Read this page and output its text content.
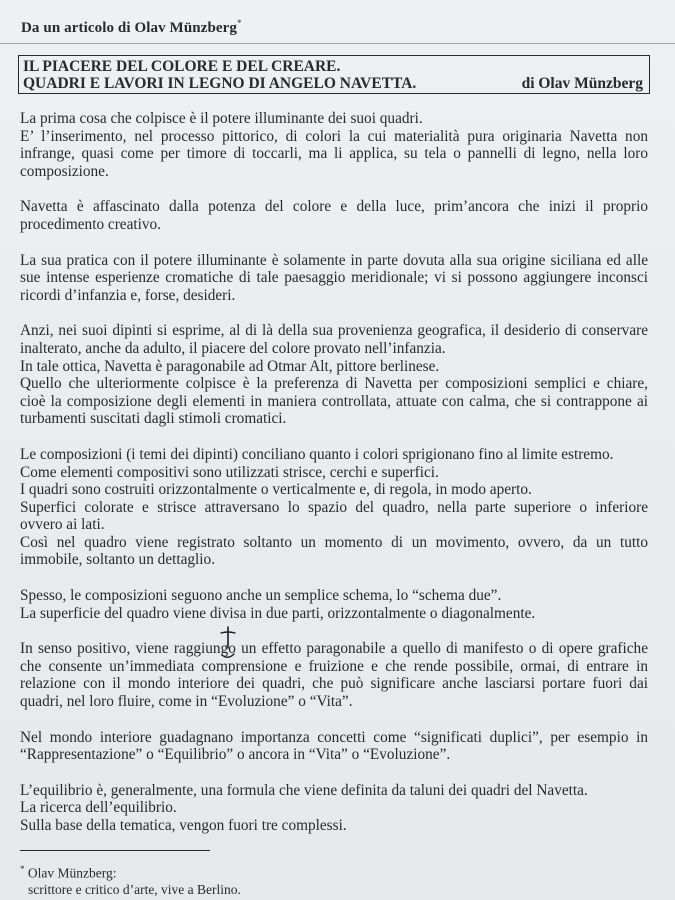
Da un articolo di Olav Münzberg*
IL PIACERE DEL COLORE E DEL CREARE.
QUADRI E LAVORI IN LEGNO DI ANGELO NAVETTA.	di Olav Münzberg
La prima cosa che colpisce è il potere illuminante dei suoi quadri.
E’ l’inserimento, nel processo pittorico, di colori la cui materialità pura originaria Navetta non
infrange, quasi come per timore di toccarli, ma li applica, su tela o pannelli di legno, nella loro
composizione.
Navetta è affascinato dalla potenza del colore e della luce, prim’ancora che inizi il proprio
procedimento creativo.
La sua pratica con il potere illuminante è solamente in parte dovuta alla sua origine siciliana ed alle
sue intense esperienze cromatiche di tale paesaggio meridionale; vi si possono aggiungere inconsci
ricordi d’infanzia e, forse, desideri.
Anzi, nei suoi dipinti si esprime, al di là della sua provenienza geografica, il desiderio di conservare
inalterato, anche da adulto, il piacere del colore provato nell’infanzia.
In tale ottica, Navetta è paragonabile ad Otmar Alt, pittore berlinese.
Quello che ulteriormente colpisce è la preferenza di Navetta per composizioni semplici e chiare,
cioè la composizione degli elementi in maniera controllata, attuate con calma, che si contrappone ai
turbamenti suscitati dagli stimoli cromatici.
Le composizioni (i temi dei dipinti) conciliano quanto i colori sprigionano fino al limite estremo.
Come elementi compositivi sono utilizzati strisce, cerchi e superfici.
I quadri sono costruiti orizzontalmente o verticalmente e, di regola, in modo aperto.
Superfici colorate e strisce attraversano lo spazio del quadro, nella parte superiore o inferiore
ovvero ai lati.
Così nel quadro viene registrato soltanto un momento di un movimento, ovvero, da un tutto
immobile, soltanto un dettaglio.
Spesso, le composizioni seguono anche un semplice schema, lo “schema due”.
La superficie del quadro viene divisa in due parti, orizzontalmente o diagonalmente.
In senso positivo, viene raggiungo un effetto paragonabile a quello di manifesto o di opere grafiche
che consente un’immediata comprensione e fruizione e che rende possibile, ormai, di entrare in
relazione con il mondo interiore dei quadri, che può significare anche lasciarsi portare fuori dai
quadri, nel loro fluire, come in “Evoluzione” o “Vita”.
Nel mondo interiore guadagnano importanza concetti come “significati duplici”, per esempio in
“Rappresentazione” o “Equilibrio” o ancora in “Vita” o “Evoluzione”.
L’equilibrio è, generalmente, una formula che viene definita da taluni dei quadri del Navetta.
La ricerca dell’equilibrio.
Sulla base della tematica, vengon fuori tre complessi.
* Olav Münzberg:
scrittore e critico d’arte, vive a Berlino.
